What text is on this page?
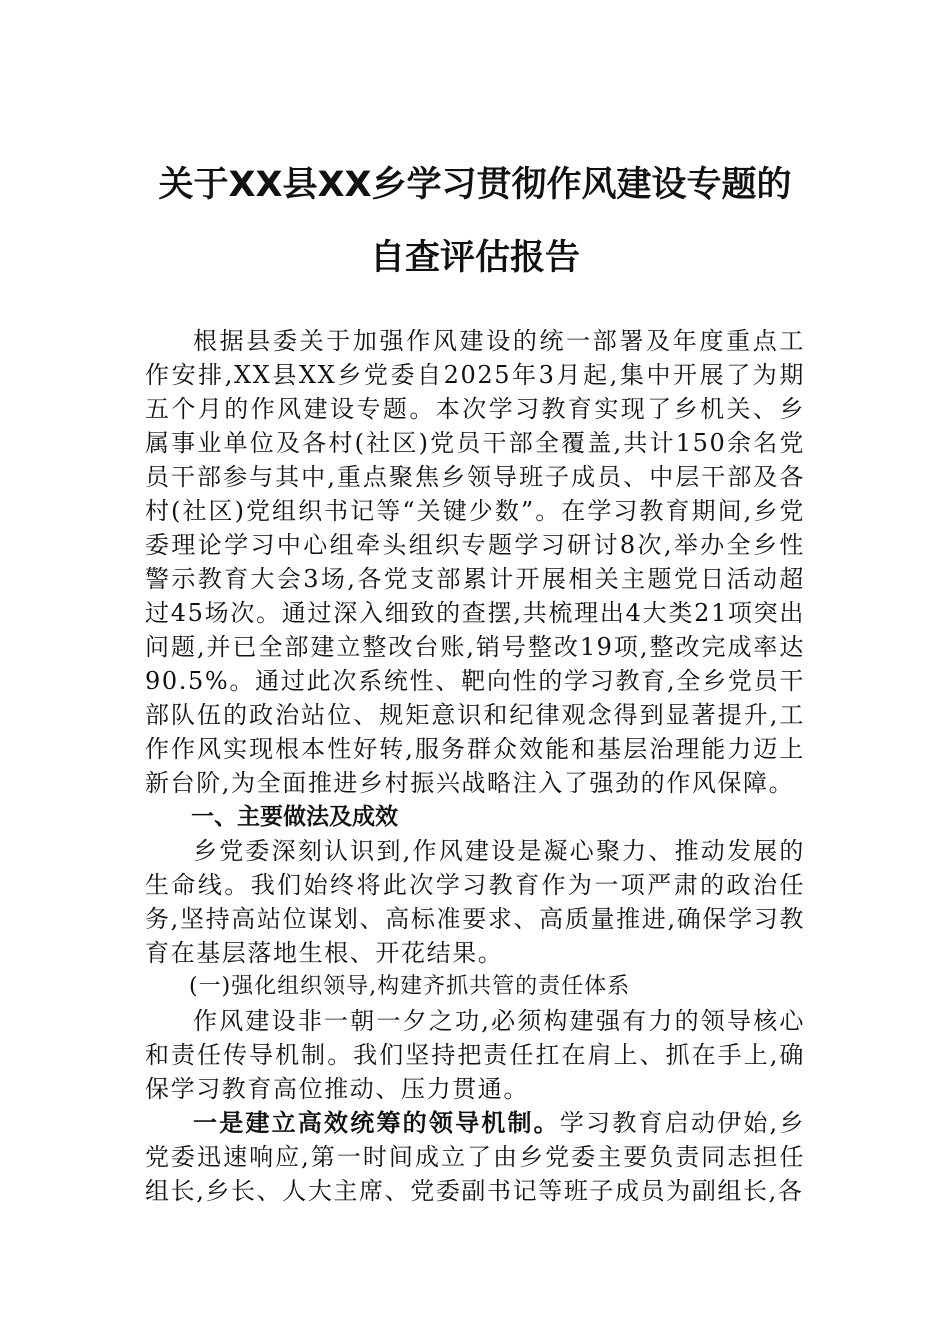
关于XX县XX乡学习贯彻作风建设专题的
自查评估报告

根据县委关于加强作风建设的统一部署及年度重点工作安排,XX县XX乡党委自2025年3月起,集中开展了为期五个月的作风建设专题。本次学习教育实现了乡机关、乡属事业单位及各村(社区)党员干部全覆盖,共计150余名党员干部参与其中,重点聚焦乡领导班子成员、中层干部及各村(社区)党组织书记等“关键少数”。在学习教育期间,乡党委理论学习中心组牵头组织专题学习研讨8次,举办全乡性警示教育大会3场,各党支部累计开展相关主题党日活动超过45场次。通过深入细致的查摆,共梳理出4大类21项突出问题,并已全部建立整改台账,销号整改19项,整改完成率达90.5%。通过此次系统性、靶向性的学习教育,全乡党员干部队伍的政治站位、规矩意识和纪律观念得到显著提升,工作作风实现根本性好转,服务群众效能和基层治理能力迈上新台阶,为全面推进乡村振兴战略注入了强劲的作风保障。

一、主要做法及成效

乡党委深刻认识到,作风建设是凝心聚力、推动发展的生命线。我们始终将此次学习教育作为一项严肃的政治任务,坚持高站位谋划、高标准要求、高质量推进,确保学习教育在基层落地生根、开花结果。

(一)强化组织领导,构建齐抓共管的责任体系

作风建设非一朝一夕之功,必须构建强有力的领导核心和责任传导机制。我们坚持把责任扛在肩上、抓在手上,确保学习教育高位推动、压力贯通。

一是建立高效统筹的领导机制。学习教育启动伊始,乡党委迅速响应,第一时间成立了由乡党委主要负责同志担任组长,乡长、人大主席、党委副书记等班子成员为副组长,各
